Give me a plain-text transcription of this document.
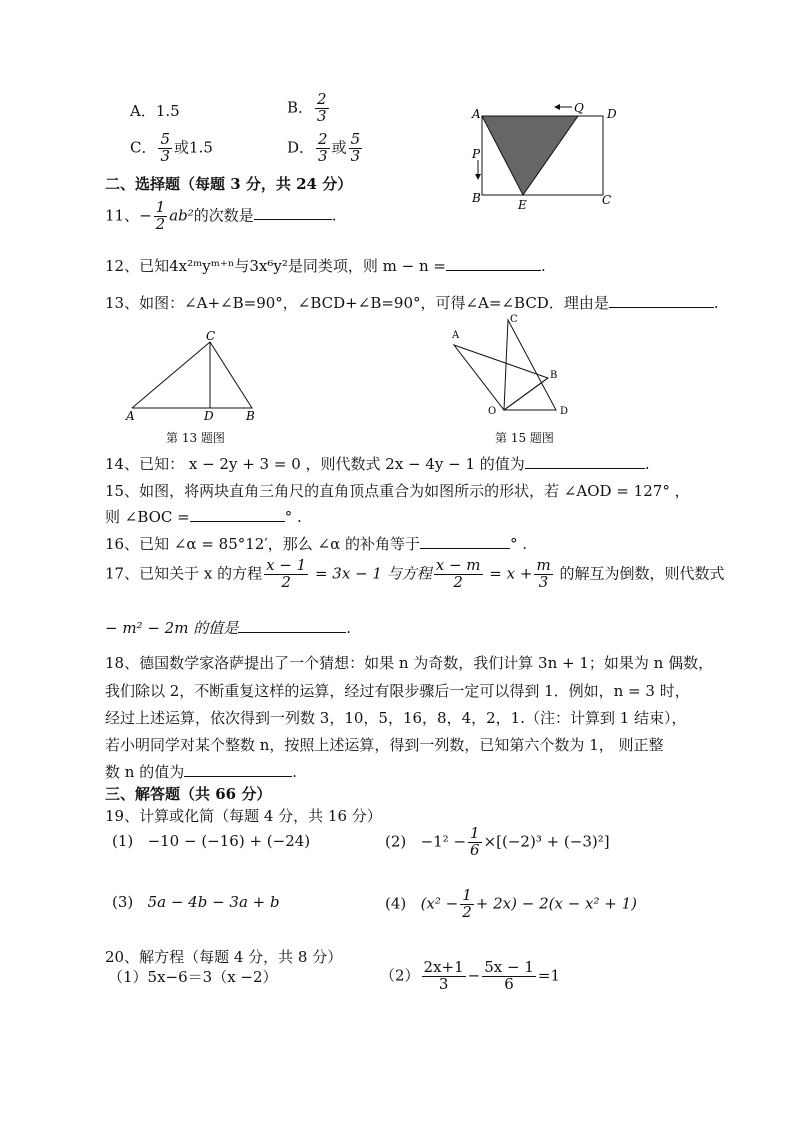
A．1.5	B． $\frac{2}{3}$
C． $\frac{5}{3}$ 或1.5	D． $\frac{2}{3}$ 或 $\frac{5}{3}$
A	D
P
B	C
Q
E
二、选择题（每题 3 分，共 24 分）
11、− $\frac{1}{2} ab^2$的次数是	.
12、已知4x²ᵐyᵐ⁺ⁿ与3x⁶y²是同类项，则 m − n =	.
13、如图：∠A+∠B=90°，∠BCD+∠B=90°，可得∠A=∠BCD．理由是	.
C
A	D	B
第 13 题图
A
C
B
O	D
第 15 题图
14、已知： x − 2y + 3 = 0 ，则代数式 2x − 4y − 1 的值为	.
15、如图，将两块直角三角尺的直角顶点重合为如图所示的形状，若 ∠AOD = 127° ，
则 ∠BOC =	° .
16、已知 ∠α = 85°12′，那么 ∠α 的补角等于	° .
17、已知关于 x 的方程 $\frac{x - 1}{2} = 3x - 1$ 与方程 $\frac{x - m}{2} = x + \frac{m}{3}$ 的解互为倒数，则代数式
− m² − 2m 的值是	.
18、德国数学家洛萨提出了一个猜想：如果 n 为奇数，我们计算 3n + 1；如果为 n 偶数，
我们除以 2，不断重复这样的运算，经过有限步骤后一定可以得到 1．例如，n = 3 时，
经过上述运算，依次得到一列数 3，10，5，16，8，4，2，1.（注：计算到 1 结束），
若小明同学对某个整数 n，按照上述运算，得到一列数，已知第六个数为 1， 则正整
数 n 的值为	.
三、解答题（共 66 分）
19、计算或化简（每题 4 分，共 16 分）
(1) −10 − (−16) + (−24)	$(2) -1^2 - \frac{1}{6} \times[(-2)^3 + (-3)^2]$
(3) 5a − 4b − 3a + b	(4) $(x^2 - \frac{1}{2} + 2x) - 2(x - x^2 + 1)$
20、解方程（每题 4 分，共 8 分）
（1）5x−6＝3（x −2）	$(2) \frac{2x+1}{3} - \frac{5x - 1}{6} =1$
